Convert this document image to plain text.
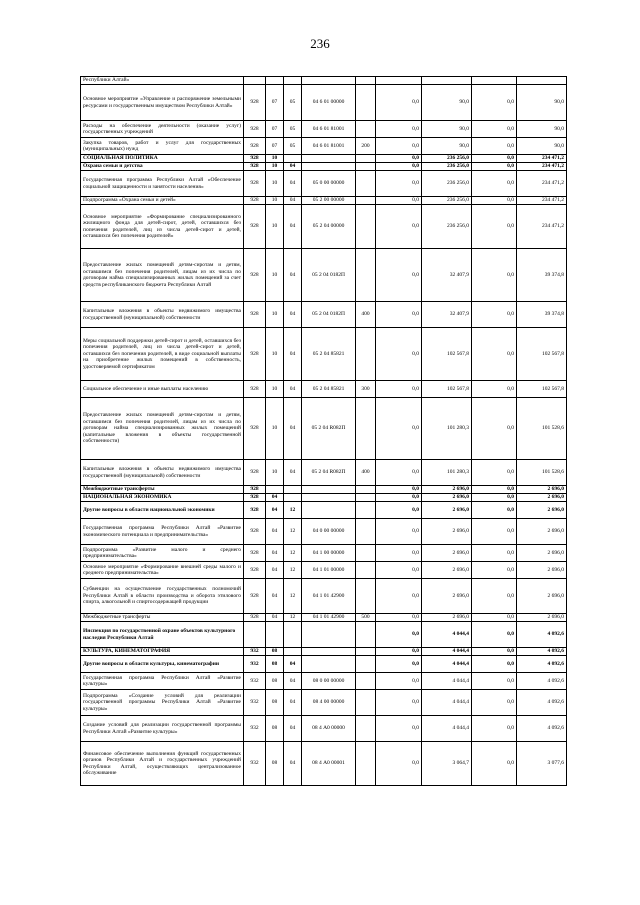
236
Республики Алтай»									
Основное мероприятие «Управление и распоряжение земельными ресурсами и государственным имуществом Республики Алтай»	928	07	05	04 6 01 00000		0,0	90,0	0,0	90,0
Расходы на обеспечение деятельности (оказание услуг) государственных учреждений	928	07	05	04 6 01 81001		0,0	90,0	0,0	90,0
Закупка товаров, работ и услуг для государственных (муниципальных) нужд	928	07	05	04 6 01 81001	200	0,0	90,0	0,0	90,0
СОЦИАЛЬНАЯ ПОЛИТИКА	928	10				0,0	236 256,0	0,0	234 471,2
Охрана семьи и детства	928	10	04			0,0	236 256,0	0,0	234 471,2
Государственная программа Республики Алтай «Обеспечение социальной защищенности и занятости населения»	928	10	04	05 0 00 00000		0,0	236 256,0	0,0	234 471,2
Подпрограмма «Охрана семьи и детей»	928	10	04	05 2 00 00000		0,0	236 256,0	0,0	234 471,2
Основное мероприятие «Формирование специализированного жилищного фонда для детей-сирот, детей, оставшихся без попечения родителей, лиц из числа детей-сирот и детей, оставшихся без попечения родителей»	928	10	04	05 2 04 00000		0,0	236 256,0	0,0	234 471,2
Предоставление жилых помещений детям-сиротам и детям, оставшимся без попечения родителей, лицам из их числа по договорам найма специализированных жилых помещений за счет средств республиканского бюджета Республики Алтай	928	10	04	05 2 04 0182П		0,0	32 407,9	0,0	39 374,8
Капитальные вложения в объекты недвижимого имущества государственной (муниципальной) собственности	928	10	04	05 2 04 0182П	400	0,0	32 407,9	0,0	39 374,8
Меры социальной поддержки детей-сирот и детей, оставшихся без попечения родителей, лиц из числа детей-сирот и детей, оставшихся без попечения родителей, в виде социальной выплаты на приобретение жилых помещений в собственность, удостоверяемой сертификатом	928	10	04	05 2 04 85821		0,0	102 567,8	0,0	102 567,8
Социальное обеспечение и иные выплаты населению	928	10	04	05 2 04 85821	300	0,0	102 567,8	0,0	102 567,8
Предоставление жилых помещений детям-сиротам и детям, оставшимся без попечения родителей, лицам из их числа по договорам найма специализированных жилых помещений (капитальные вложения в объекты государственной собственности)	928	10	04	05 2 04 R082П		0,0	101 280,3	0,0	101 528,6
Капитальные вложения в объекты недвижимого имущества государственной (муниципальной) собственности	928	10	04	05 2 04 R082П	400	0,0	101 280,3	0,0	101 528,6
Межбюджетные трансферты	928					0,0	2 696,0	0,0	2 696,0
НАЦИОНАЛЬНАЯ ЭКОНОМИКА	928	04				0,0	2 696,0	0,0	2 696,0
Другие вопросы в области национальной экономики	928	04	12			0,0	2 696,0	0,0	2 696,0
Государственная программа Республики Алтай «Развитие экономического потенциала и предпринимательства»	928	04	12	04 0 00 00000		0,0	2 696,0	0,0	2 696,0
Подпрограмма «Развитие малого и среднего предпринимательства»	928	04	12	04 1 00 00000		0,0	2 696,0	0,0	2 696,0
Основное мероприятие «Формирование внешней среды малого и среднего предпринимательства»	928	04	12	04 1 01 00000		0,0	2 696,0	0,0	2 696,0
Субвенции на осуществление государственных полномочий Республики Алтай в области производства и оборота этилового спирта, алкогольной и спиртосодержащей продукции	928	04	12	04 1 01 42900		0,0	2 696,0	0,0	2 696,0
Межбюджетные трансферты	928	04	12	04 1 01 42900	500	0,0	2 696,0	0,0	2 696,0
Инспекция по государственной охране объектов культурного наследия Республики Алтай						0,0	4 044,4	0,0	4 092,6
КУЛЬТУРА, КИНЕМАТОГРАФИЯ	932	08				0,0	4 044,4	0,0	4 092,6
Другие вопросы в области культуры, кинематографии	932	08	04			0,0	4 044,4	0,0	4 092,6
Государственная программа Республики Алтай «Развитие культуры»	932	08	04	08 0 00 00000		0,0	4 044,4	0,0	4 092,6
Подпрограмма «Создание условий для реализации государственной программы Республики Алтай «Развитие культуры»	932	08	04	08 4 00 00000		0,0	4 044,4	0,0	4 092,6
Создание условий для реализации государственной программы Республики Алтай «Развитие культуры»	932	08	04	08 4 А0 00000		0,0	4 044,4	0,0	4 092,6
Финансовое обеспечение выполнения функций государственных органов Республики Алтай и государственных учреждений Республики Алтай, осуществляющих централизованное обслуживание	932	08	04	08 4 А0 00001		0,0	3 064,7	0,0	3 077,6
